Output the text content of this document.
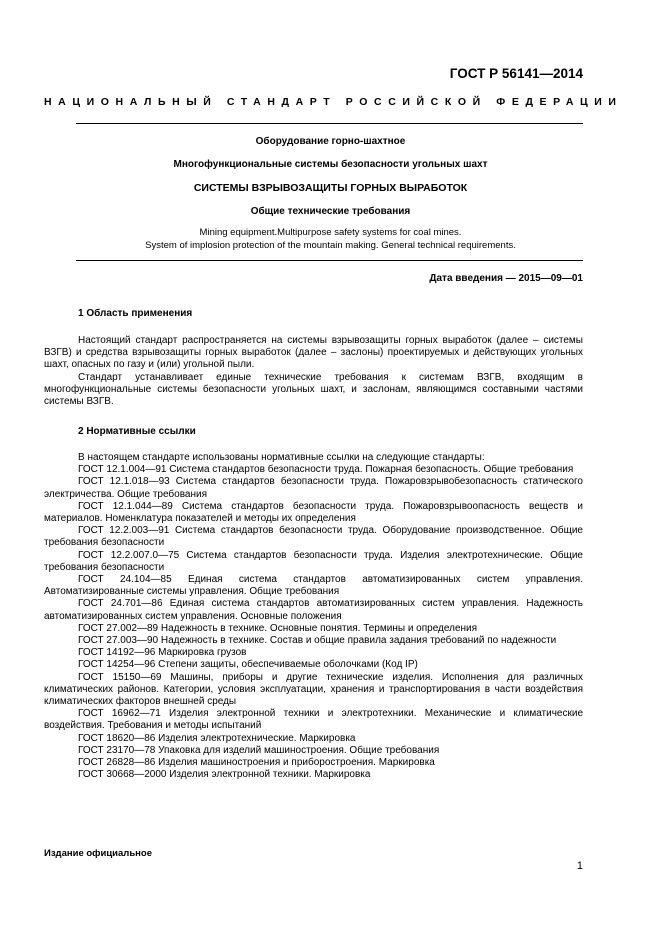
ГОСТ Р 56141—2014
НАЦИОНАЛЬНЫЙ СТАНДАРТ РОССИЙСКОЙ ФЕДЕРАЦИИ
Оборудование горно-шахтное
Многофункциональные системы безопасности угольных шахт
СИСТЕМЫ ВЗРЫВОЗАЩИТЫ ГОРНЫХ ВЫРАБОТОК
Общие технические требования
Mining equipment.Multipurpose safety systems for coal mines.
System of implosion protection of the mountain making. General technical requirements.
Дата введения — 2015—09—01
1 Область применения

Настоящий стандарт распространяется на системы взрывозащиты горных выработок (далее – системы ВЗГВ) и средства взрывозащиты горных выработок (далее – заслоны) проектируемых и действующих угольных шахт, опасных по газу и (или) угольной пыли.

Стандарт устанавливает единые технические требования к системам ВЗГВ, входящим в многофункциональные системы безопасности угольных шахт, и заслонам, являющимся составными частями системы ВЗГВ.

2 Нормативные ссылки

В настоящем стандарте использованы нормативные ссылки на следующие стандарты:

ГОСТ 12.1.004—91 Система стандартов безопасности труда. Пожарная безопасность. Общие требования

ГОСТ 12.1.018—93 Система стандартов безопасности труда. Пожаровзрывобезопасность статического электричества. Общие требования

ГОСТ 12.1.044—89 Система стандартов безопасности труда. Пожаровзрывоопасность веществ и материалов. Номенклатура показателей и методы их определения

ГОСТ 12.2.003—91 Система стандартов безопасности труда. Оборудование производственное. Общие требования безопасности

ГОСТ 12.2.007.0—75 Система стандартов безопасности труда. Изделия электротехнические. Общие требования безопасности

ГОСТ 24.104—85 Единая система стандартов автоматизированных систем управления. Автоматизированные системы управления. Общие требования

ГОСТ 24.701—86 Единая система стандартов автоматизированных систем управления. Надежность автоматизированных систем управления. Основные положения

ГОСТ 27.002—89 Надежность в технике. Основные понятия. Термины и определения

ГОСТ 27.003—90 Надежность в технике. Состав и общие правила задания требований по надежности

ГОСТ 14192—96 Маркировка грузов

ГОСТ 14254—96 Степени защиты, обеспечиваемые оболочками (Код IP)

ГОСТ 15150—69 Машины, приборы и другие технические изделия. Исполнения для различных климатических районов. Категории, условия эксплуатации, хранения и транспортирования в части воздействия климатических факторов внешней среды

ГОСТ 16962—71 Изделия электронной техники и электротехники. Механические и климатические воздействия. Требования и методы испытаний

ГОСТ 18620—86 Изделия электротехнические. Маркировка

ГОСТ 23170—78 Упаковка для изделий машиностроения. Общие требования

ГОСТ 26828—86 Изделия машиностроения и приборостроения. Маркировка

ГОСТ 30668—2000 Изделия электронной техники. Маркировка

Издание официальное
1
